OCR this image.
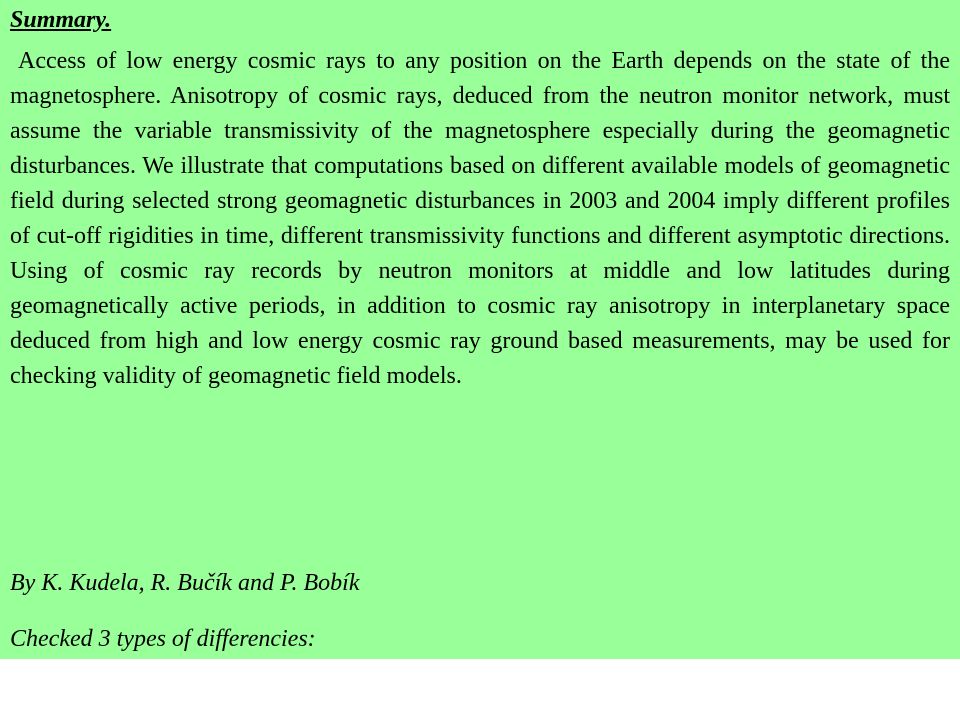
Summary.

Access of low energy cosmic rays to any position on the Earth depends on the state of the magnetosphere. Anisotropy of cosmic rays, deduced from the neutron monitor network, must assume the variable transmissivity of the magnetosphere especially during the geomagnetic disturbances. We illustrate that computations based on different available models of geomagnetic field during selected strong geomagnetic disturbances in 2003 and 2004 imply different profiles of cut-off rigidities in time, different transmissivity functions and different asymptotic directions. Using of cosmic ray records by neutron monitors at middle and low latitudes during geomagnetically active periods, in addition to cosmic ray anisotropy in interplanetary space deduced from high and low energy cosmic ray ground based measurements, may be used for checking validity of geomagnetic field models.

By K. Kudela, R. Bučík and P. Bobík

Checked 3 types of differencies:
